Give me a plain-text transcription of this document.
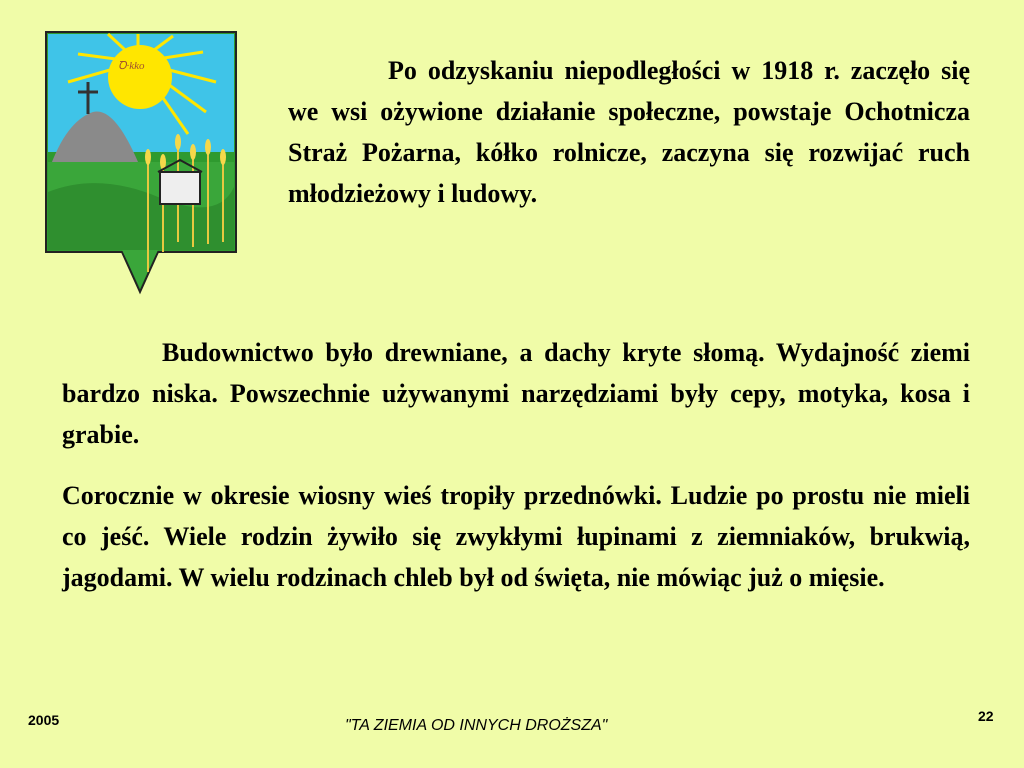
Ꝺ·kko	Po odzyskaniu niepodległości w 1918 r. zaczęło się we wsi ożywione działanie społeczne, powstaje Ochotnicza Straż Pożarna, kółko rolnicze, zaczyna się rozwijać ruch młodzieżowy i ludowy.

Budownictwo było drewniane, a dachy kryte słomą. Wydajność ziemi bardzo niska. Powszechnie używanymi narzędziami były cepy, motyka, kosa i grabie.

Corocznie w okresie wiosny wieś tropiły przednówki. Ludzie po prostu nie mieli co jeść. Wiele rodzin żywiło się zwykłymi łupinami z ziemniaków, brukwią, jagodami. W wielu rodzinach chleb był od święta, nie mówiąc już o mięsie.

2005	"TA ZIEMIA OD INNYCH DROŻSZA"
22
